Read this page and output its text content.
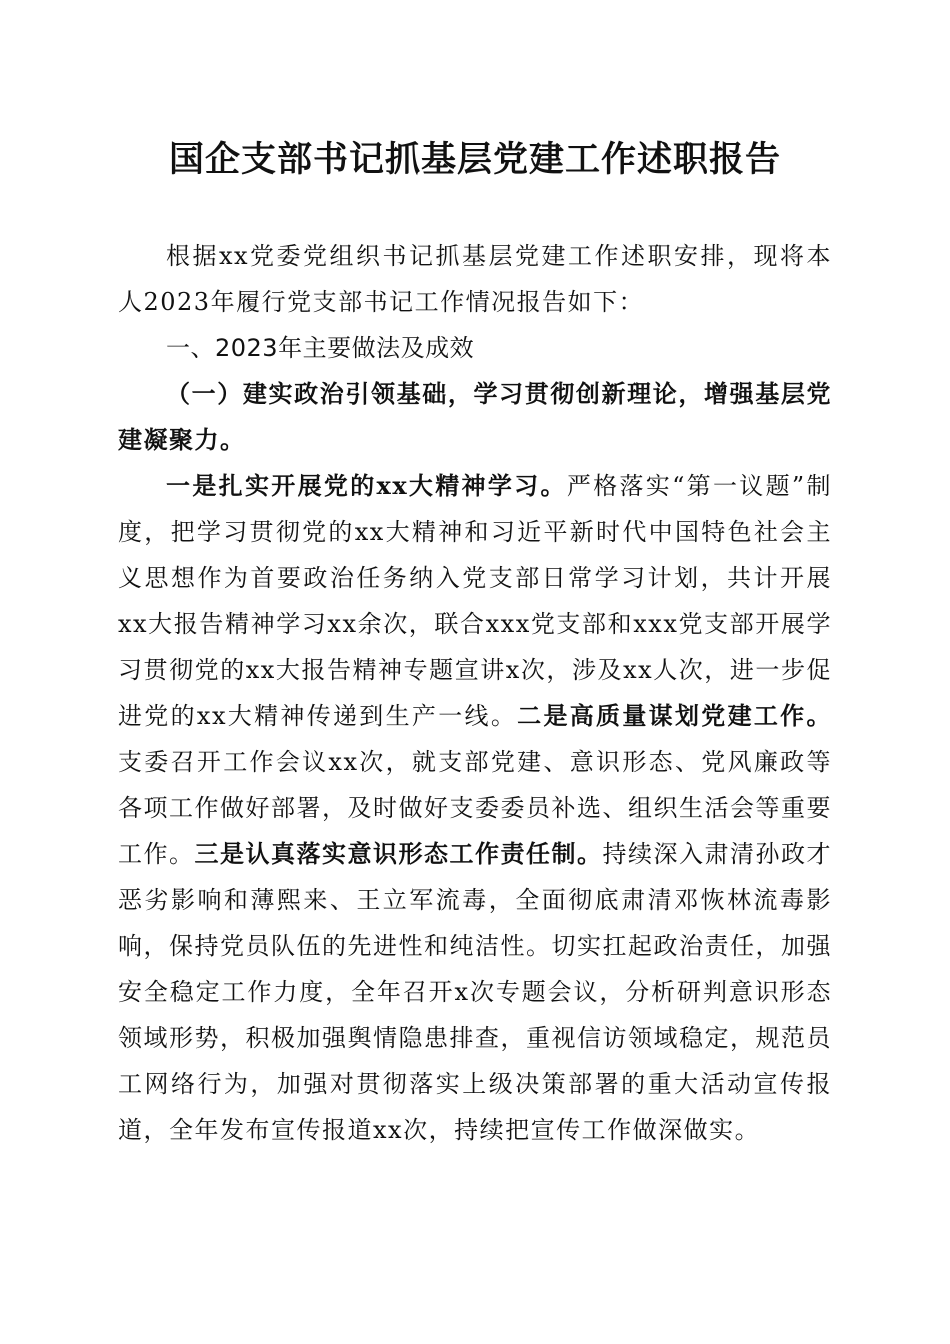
国企支部书记抓基层党建工作述职报告

根据xx党委党组织书记抓基层党建工作述职安排，现将本人2023年履行党支部书记工作情况报告如下：

一、2023年主要做法及成效

（一）建实政治引领基础，学习贯彻创新理论，增强基层党建凝聚力。

一是扎实开展党的xx大精神学习。严格落实“第一议题”制度，把学习贯彻党的xx大精神和习近平新时代中国特色社会主义思想作为首要政治任务纳入党支部日常学习计划，共计开展xx大报告精神学习xx余次，联合xxx党支部和xxx党支部开展学习贯彻党的xx大报告精神专题宣讲x次，涉及xx人次，进一步促进党的xx大精神传递到生产一线。二是高质量谋划党建工作。支委召开工作会议xx次，就支部党建、意识形态、党风廉政等各项工作做好部署，及时做好支委委员补选、组织生活会等重要工作。三是认真落实意识形态工作责任制。持续深入肃清孙政才恶劣影响和薄熙来、王立军流毒，全面彻底肃清邓恢林流毒影响，保持党员队伍的先进性和纯洁性。切实扛起政治责任，加强安全稳定工作力度，全年召开x次专题会议，分析研判意识形态领域形势，积极加强舆情隐患排查，重视信访领域稳定，规范员工网络行为，加强对贯彻落实上级决策部署的重大活动宣传报道，全年发布宣传报道xx次，持续把宣传工作做深做实。
